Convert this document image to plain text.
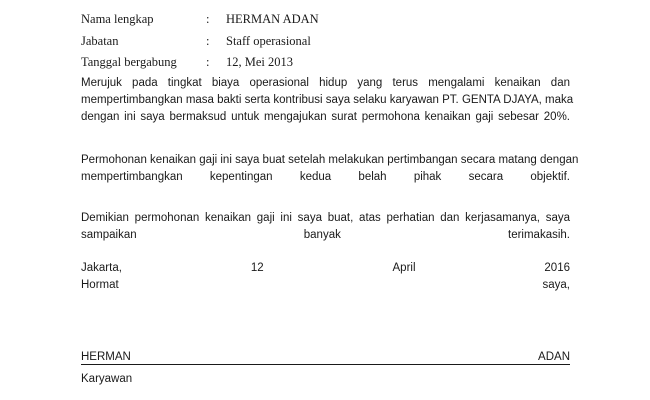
Nama lengkap	:	HERMAN ADAN
Jabatan	:	Staff operasional
Tanggal bergabung	:	12, Mei 2013
Merujuk pada tingkat biaya operasional hidup yang terus mengalami kenaikan dan
mempertimbangkan masa bakti serta kontribusi saya selaku karyawan PT. GENTA DJAYA, maka
dengan ini saya bermaksud untuk mengajukan surat permohona kenaikan gaji sebesar 20%.
Permohonan kenaikan gaji ini saya buat setelah melakukan pertimbangan secara matang dengan
mempertimbangkan kepentingan kedua belah pihak secara objektif.
Demikian permohonan kenaikan gaji ini saya buat, atas perhatian dan kerjasamanya, saya
sampaikan banyak terimakasih.
Jakarta,	12	April	2016
Hormat	saya,
HERMAN	ADAN
Karyawan
